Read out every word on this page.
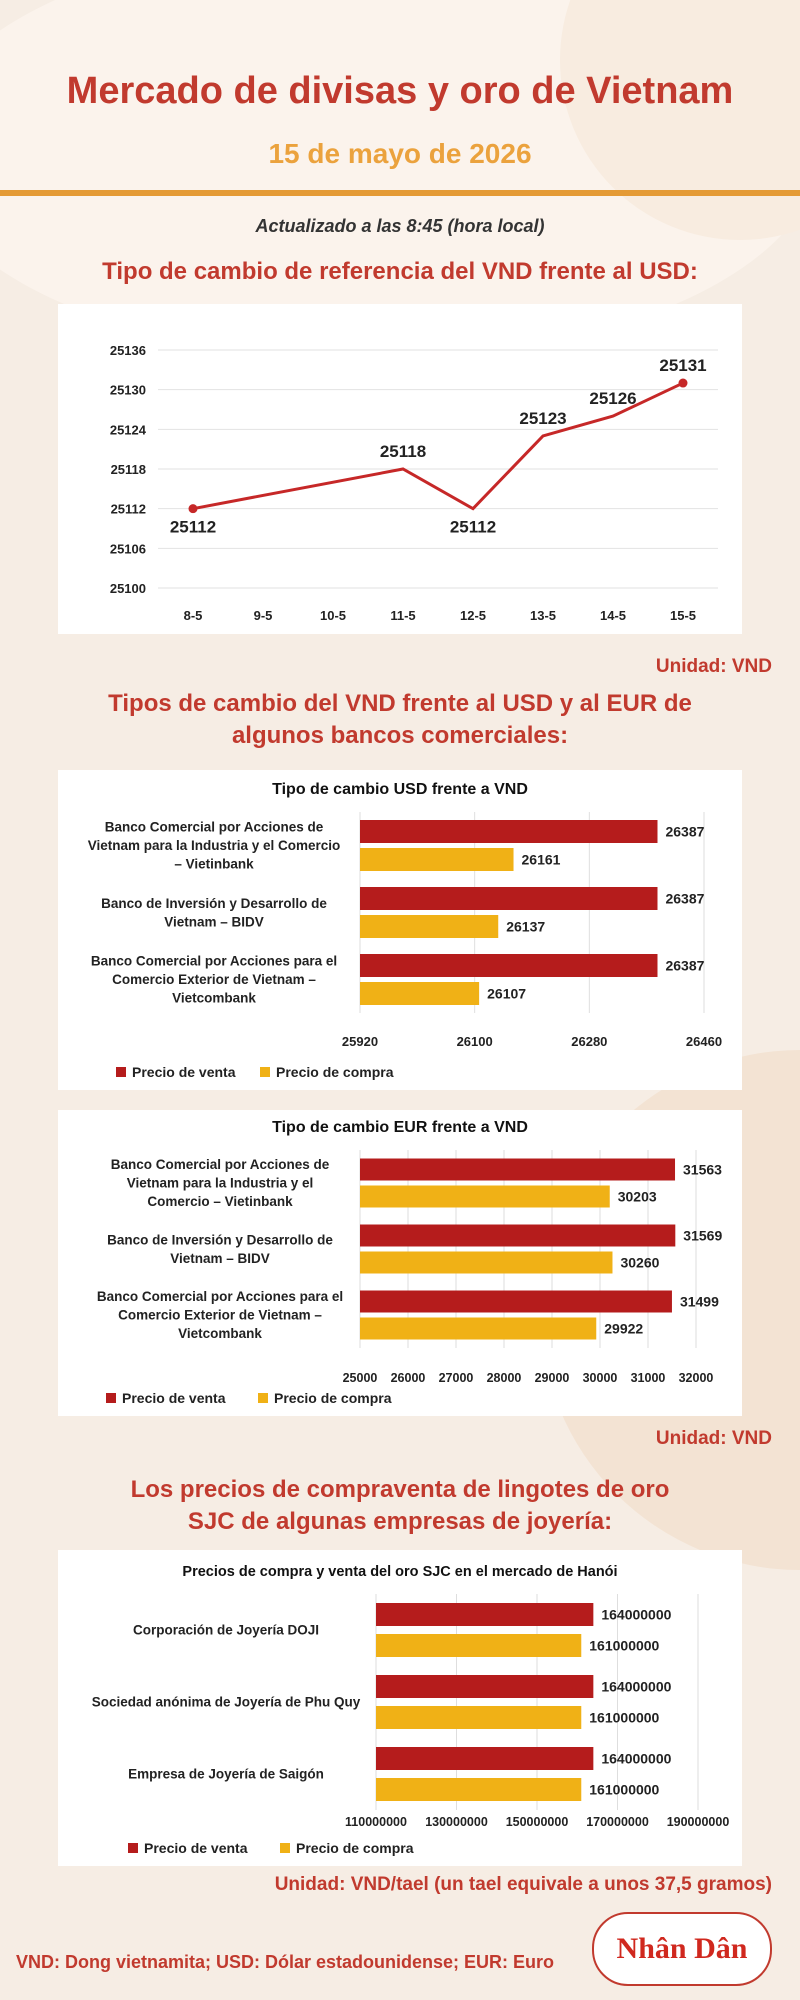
Mercado de divisas y oro de Vietnam
15 de mayo de 2026
Actualizado a las 8:45 (hora local)
Tipo de cambio de referencia del VND frente al USD:
25100
25106
25112
25118
25124
25130
25136
8-5	9-5	10-5	11-5	12-5	13-5	14-5	15-5
25112
25118
25112
25123
25126
25131
Unidad: VND
Tipos de cambio del VND frente al USD y al EUR de
algunos bancos comerciales:
Tipo de cambio USD frente a VND
25920	26100	26280	26460
Banco Comercial por Acciones de
Vietnam para la Industria y el Comercio
– Vietinbank
26387
26161
Banco de Inversión y Desarrollo de
Vietnam – BIDV
26387
26137
Banco Comercial por Acciones para el
Comercio Exterior de Vietnam –
Vietcombank
26387
26107
Precio de venta	Precio de compra
Tipo de cambio EUR frente a VND
25000 26000 27000 28000 29000 30000 31000 32000
Banco Comercial por Acciones de
Vietnam para la Industria y el
Comercio – Vietinbank
31563
30203
Banco de Inversión y Desarrollo de
Vietnam – BIDV
31569
30260
Banco Comercial por Acciones para el
Comercio Exterior de Vietnam –
Vietcombank
31499
29922
Precio de venta	Precio de compra
Unidad: VND
Los precios de compraventa de lingotes de oro
SJC de algunas empresas de joyería:
Precios de compra y venta del oro SJC en el mercado de Hanói
110000000 130000000 150000000 170000000 190000000
Corporación de Joyería DOJI
164000000
161000000
Sociedad anónima de Joyería de Phu Quy
164000000
161000000
Empresa de Joyería de Saigón
164000000
161000000
Precio de venta	Precio de compra
Unidad: VND/tael (un tael equivale a unos 37,5 gramos)
VND: Dong vietnamita; USD: Dólar estadounidense; EUR: Euro Nhân Dân
